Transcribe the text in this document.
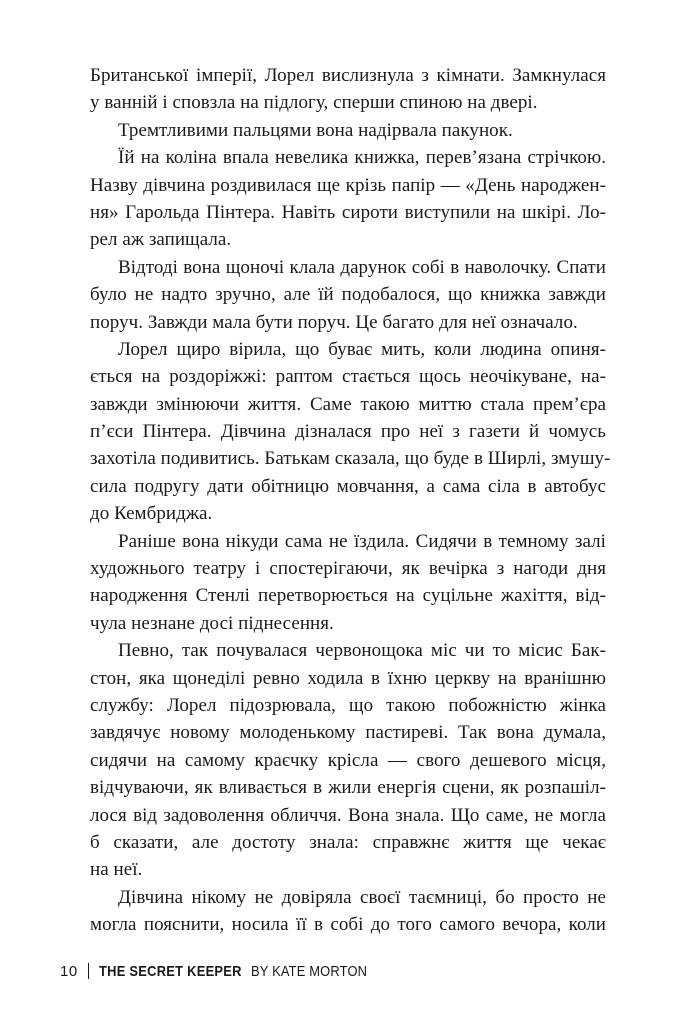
Британської імперії, Лорел вислизнула з кімнати. Замкнулася
у ванній і сповзла на підлогу, сперши спиною на двері.
Тремтливими пальцями вона надірвала пакунок.
Їй на коліна впала невелика книжка, перев’язана стрічкою.
Назву дівчина роздивилася ще крізь папір — «День народжен-
ня» Гарольда Пінтера. Навіть сироти виступили на шкірі. Ло-
рел аж запищала.
Відтоді вона щоночі клала дарунок собі в наволочку. Спати
було не надто зручно, але їй подобалося, що книжка завжди
поруч. Завжди мала бути поруч. Це багато для неї означало.
Лорел щиро вірила, що буває мить, коли людина опиня-
ється на роздоріжжі: раптом стається щось неочікуване, на-
завжди змінюючи життя. Саме такою миттю стала прем’єра
п’єси Пінтера. Дівчина дізналася про неї з газети й чомусь
захотіла подивитись. Батькам сказала, що буде в Ширлі, змушу-
сила подругу дати обітницю мовчання, а сама сіла в автобус
до Кембриджа.
Раніше вона нікуди сама не їздила. Сидячи в темному залі
художнього театру і спостерігаючи, як вечірка з нагоди дня
народження Стенлі перетворюється на суцільне жахіття, від-
чула незнане досі піднесення.
Певно, так почувалася червонощока міс чи то місис Бак-
стон, яка щонеділі ревно ходила в їхню церкву на вранішню
службу: Лорел підозрювала, що такою побожністю жінка
завдячує новому молоденькому пастиреві. Так вона думала,
сидячи на самому краєчку крісла — свого дешевого місця,
відчуваючи, як вливається в жили енергія сцени, як розпашіл-
лося від задоволення обличчя. Вона знала. Що саме, не могла
б сказати, але достоту знала: справжнє життя ще чекає
на неї.
Дівчина нікому не довіряла своєї таємниці, бо просто не
могла пояснити, носила її в собі до того самого вечора, коли
10 THE SECRET KEEPER BY KATE MORTON
